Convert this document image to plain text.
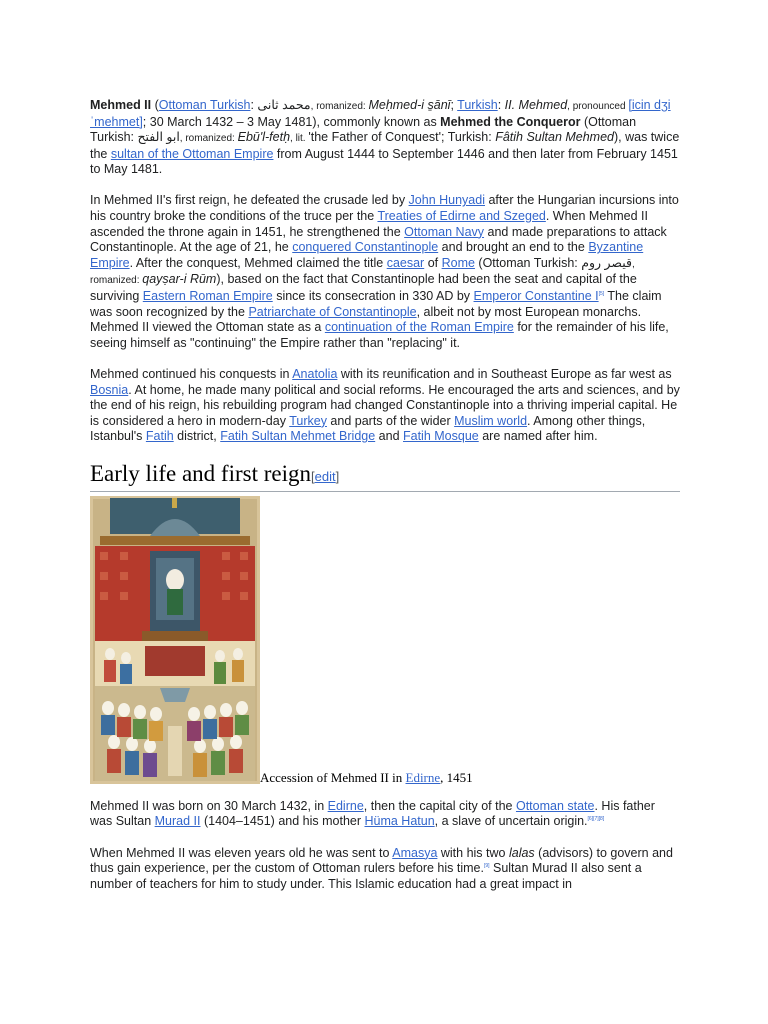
Mehmed II (Ottoman Turkish: محمد ثانى, romanized: Meḥmed-i s̱ānī; Turkish: II. Mehmed, pronounced [icin dʒi ˈmehmet]; 30 March 1432 – 3 May 1481), commonly known as Mehmed the Conqueror (Ottoman Turkish: ابو الفتح, romanized: Ebū'l-fetḥ, lit. 'the Father of Conquest'; Turkish: Fâtih Sultan Mehmed), was twice the sultan of the Ottoman Empire from August 1444 to September 1446 and then later from February 1451 to May 1481.

In Mehmed II's first reign, he defeated the crusade led by John Hunyadi after the Hungarian incursions into his country broke the conditions of the truce per the Treaties of Edirne and Szeged. When Mehmed II ascended the throne again in 1451, he strengthened the Ottoman Navy and made preparations to attack Constantinople. At the age of 21, he conquered Constantinople and brought an end to the Byzantine Empire. After the conquest, Mehmed claimed the title caesar of Rome (Ottoman Turkish: قیصر روم, romanized: qayṣar-i Rūm), based on the fact that Constantinople had been the seat and capital of the surviving Eastern Roman Empire since its consecration in 330 AD by Emperor Constantine I[5] The claim was soon recognized by the Patriarchate of Constantinople, albeit not by most European monarchs. Mehmed II viewed the Ottoman state as a continuation of the Roman Empire for the remainder of his life, seeing himself as "continuing" the Empire rather than "replacing" it.

Mehmed continued his conquests in Anatolia with its reunification and in Southeast Europe as far west as Bosnia. At home, he made many political and social reforms. He encouraged the arts and sciences, and by the end of his reign, his rebuilding program had changed Constantinople into a thriving imperial capital. He is considered a hero in modern-day Turkey and parts of the wider Muslim world. Among other things, Istanbul's Fatih district, Fatih Sultan Mehmet Bridge and Fatih Mosque are named after him.

Early life and first reign[edit]
Accession of Mehmed II in Edirne, 1451

Mehmed II was born on 30 March 1432, in Edirne, then the capital city of the Ottoman state. His father was Sultan Murad II (1404–1451) and his mother Hüma Hatun, a slave of uncertain origin.[6][7][8]

When Mehmed II was eleven years old he was sent to Amasya with his two lalas (advisors) to govern and thus gain experience, per the custom of Ottoman rulers before his time.[9] Sultan Murad II also sent a number of teachers for him to study under. This Islamic education had a great impact in
